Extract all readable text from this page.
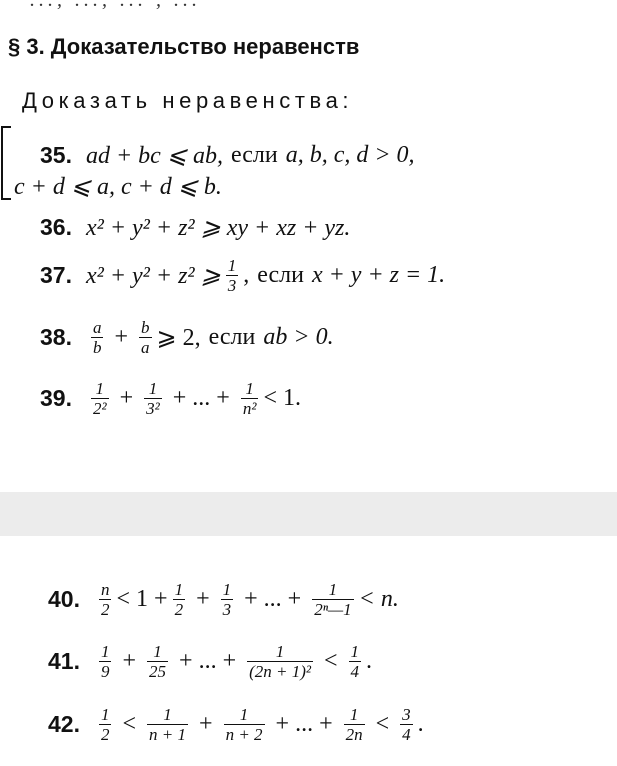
..., ..., ... , ...
§ 3. Доказательство неравенств
Доказать неравенства:
35. ad + bc ⩽ ab, если a, b, c, d > 0,
c + d ⩽ a, c + d ⩽ b.
36. x² + y² + z² ⩾ xy + xz + yz.
37. x² + y² + z² ⩾ $\frac{1}{3}$ , если x + y + z = 1.
38. $\frac{a}{b} + \frac{b}{a}$ ⩾ 2, если ab > 0.
39. $\frac{1}{\text{2²}} + \frac{1}{\text{3²}}$ + ... + $\frac{1}{\text{n²}} < 1$.
40. $\frac{n}{2} < 1 + \frac{1}{2} + \frac{1}{3}$ + ... + $\frac{1}{\text{2ⁿ—1}} < n$.
41. $\frac{1}{9} + \frac{1}{25}$ + ... + $\frac{1}{\text{(2n + 1)²}} < \frac{1}{4}$ .
42. $\frac{1}{2} < \frac{1}{n + 1} + \frac{1}{n + 2}$ + ... + $\frac{1}{2n} < \frac{3}{4}$ .
